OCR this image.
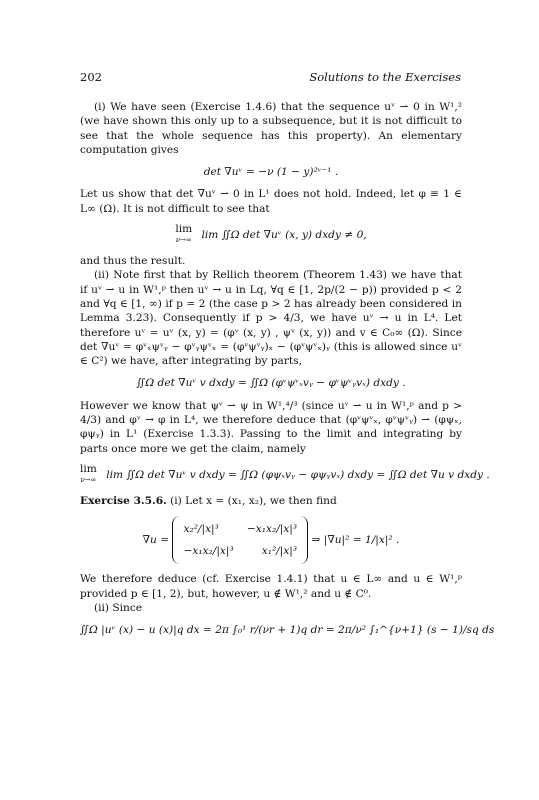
202	Solutions to the Exercises

(i) We have seen (Exercise 1.4.6) that the sequence uᵛ ⇀ 0 in W¹,² (we have shown this only up to a subsequence, but it is not difficult to see that the whole sequence has this property). An elementary computation gives

det ∇uᵛ = −ν (1 − y)²ᵛ⁻¹ .

Let us show that det ∇uᵛ ⇀ 0 in L¹ does not hold. Indeed, let φ ≡ 1 ∈ L∞ (Ω). It is not difficult to see that

lim
ν→∞ lim ∬Ω det ∇uᵛ (x, y) dxdy ≠ 0,

and thus the result.

(ii) Note first that by Rellich theorem (Theorem 1.43) we have that if uᵛ ⇀ u in W¹,ᵖ then uᵛ → u in Lq, ∀q ∈ [1, 2p/(2 − p)) provided p < 2 and ∀q ∈ [1, ∞) if p = 2 (the case p > 2 has already been considered in Lemma 3.23). Consequently if p > 4/3, we have uᵛ → u in L⁴. Let therefore uᵛ = uᵛ (x, y) = (φᵛ (x, y) , ψᵛ (x, y)) and v ∈ C₀∞ (Ω). Since det ∇uᵛ = φᵛₓψᵛᵧ − φᵛᵧψᵛₓ = (φᵛψᵛᵧ)ₓ − (φᵛψᵛₓ)ᵧ (this is allowed since uᵛ ∈ C²) we have, after integrating by parts,

∬Ω det ∇uᵛ v dxdy = ∬Ω (φᵛψᵛₓvᵧ − φᵛψᵛᵧvₓ) dxdy .

However we know that ψᵛ ⇀ ψ in W¹,⁴/³ (since uᵛ ⇀ u in W¹,ᵖ and p > 4/3) and φᵛ → φ in L⁴, we therefore deduce that (φᵛψᵛₓ, φᵛψᵛᵧ) ⇀ (φψₓ, φψᵧ) in L¹ (Exercise 1.3.3). Passing to the limit and integrating by parts once more we get the claim, namely

lim
ν→∞ lim ∬Ω det ∇uᵛ v dxdy = ∬Ω (φψₓvᵧ − φψᵧvₓ) dxdy = ∬Ω det ∇u v dxdy .

Exercise 3.5.6. (i) Let x = (x₁, x₂), we then find

∇u =
x₂²/|x|³	−x₁x₂/|x|³
−x₁x₂/|x|³	x₁²/|x|³
⇒ |∇u|² = 1/|x|² .

We therefore deduce (cf. Exercise 1.4.1) that u ∈ L∞ and u ∈ W¹,ᵖ provided p ∈ [1, 2), but, however, u ∉ W¹,² and u ∉ C⁰.

(ii) Since

∬Ω |uᵛ (x) − u (x)|q dx = 2π ∫₀¹ r/(νr + 1)q dr = 2π/ν² ∫₁^{ν+1} (s − 1)/sq ds
